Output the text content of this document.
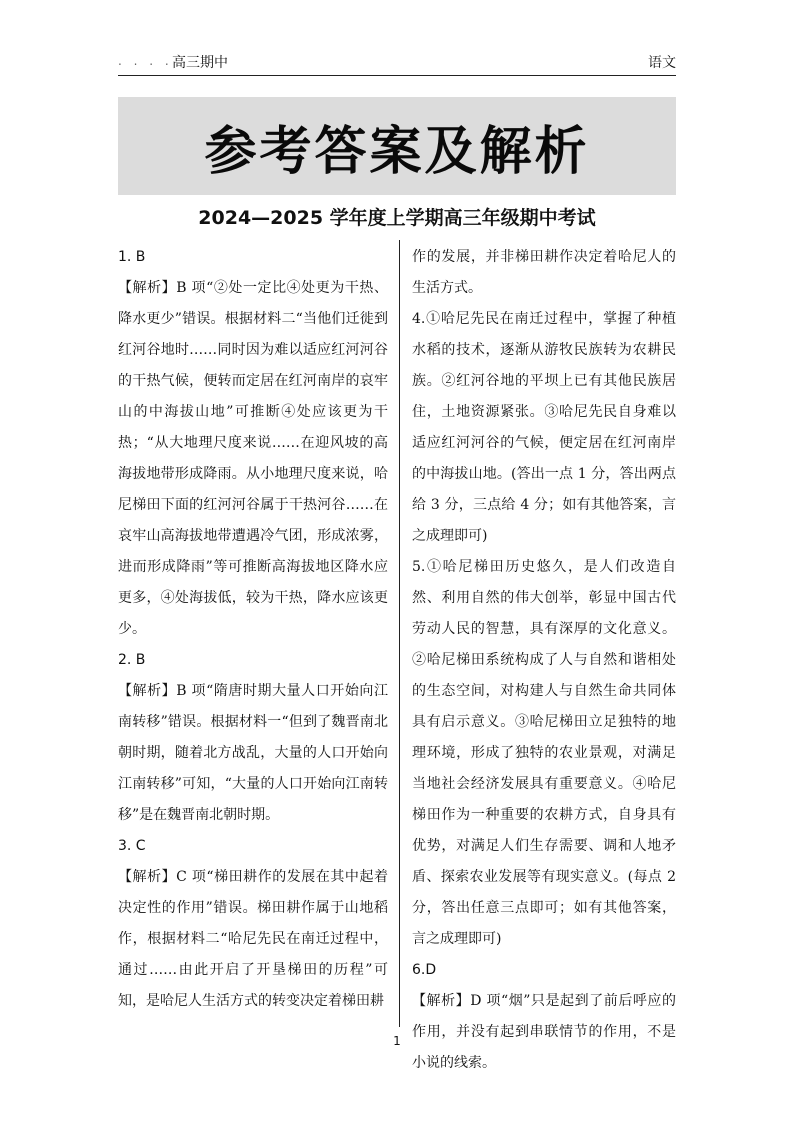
. . . . 高三期中	语文
参考答案及解析
2024—2025 学年度上学期高三年级期中考试

1. B

【解析】B 项“②处一定比④处更为干热、降水更少”错误。根据材料二“当他们迁徙到红河谷地时……同时因为难以适应红河河谷的干热气候，便转而定居在红河南岸的哀牢山的中海拔山地”可推断④处应该更为干热；“从大地理尺度来说……在迎风坡的高海拔地带形成降雨。从小地理尺度来说，哈尼梯田下面的红河河谷属于干热河谷……在哀牢山高海拔地带遭遇冷气团，形成浓雾，进而形成降雨”等可推断高海拔地区降水应更多，④处海拔低，较为干热，降水应该更少。

2. B

【解析】B 项“隋唐时期大量人口开始向江南转移”错误。根据材料一“但到了魏晋南北朝时期，随着北方战乱，大量的人口开始向江南转移”可知，“大量的人口开始向江南转移”是在魏晋南北朝时期。

3. C

【解析】C 项“梯田耕作的发展在其中起着决定性的作用”错误。梯田耕作属于山地稻作，根据材料二“哈尼先民在南迁过程中，通过……由此开启了开垦梯田的历程”可知，是哈尼人生活方式的转变决定着梯田耕

作的发展，并非梯田耕作决定着哈尼人的生活方式。

4.①哈尼先民在南迁过程中，掌握了种植水稻的技术，逐渐从游牧民族转为农耕民族。②红河谷地的平坝上已有其他民族居住，土地资源紧张。③哈尼先民自身难以适应红河河谷的气候，便定居在红河南岸的中海拔山地。(答出一点 1 分，答出两点给 3 分，三点给 4 分；如有其他答案，言之成理即可)

5.①哈尼梯田历史悠久，是人们改造自然、利用自然的伟大创举，彰显中国古代劳动人民的智慧，具有深厚的文化意义。②哈尼梯田系统构成了人与自然和谐相处的生态空间，对构建人与自然生命共同体具有启示意义。③哈尼梯田立足独特的地理环境，形成了独特的农业景观，对满足当地社会经济发展具有重要意义。④哈尼梯田作为一种重要的农耕方式，自身具有优势，对满足人们生存需要、调和人地矛盾、探索农业发展等有现实意义。(每点 2 分，答出任意三点即可；如有其他答案，言之成理即可)

6.D

【解析】D 项“烟”只是起到了前后呼应的作用，并没有起到串联情节的作用，不是小说的线索。

1
